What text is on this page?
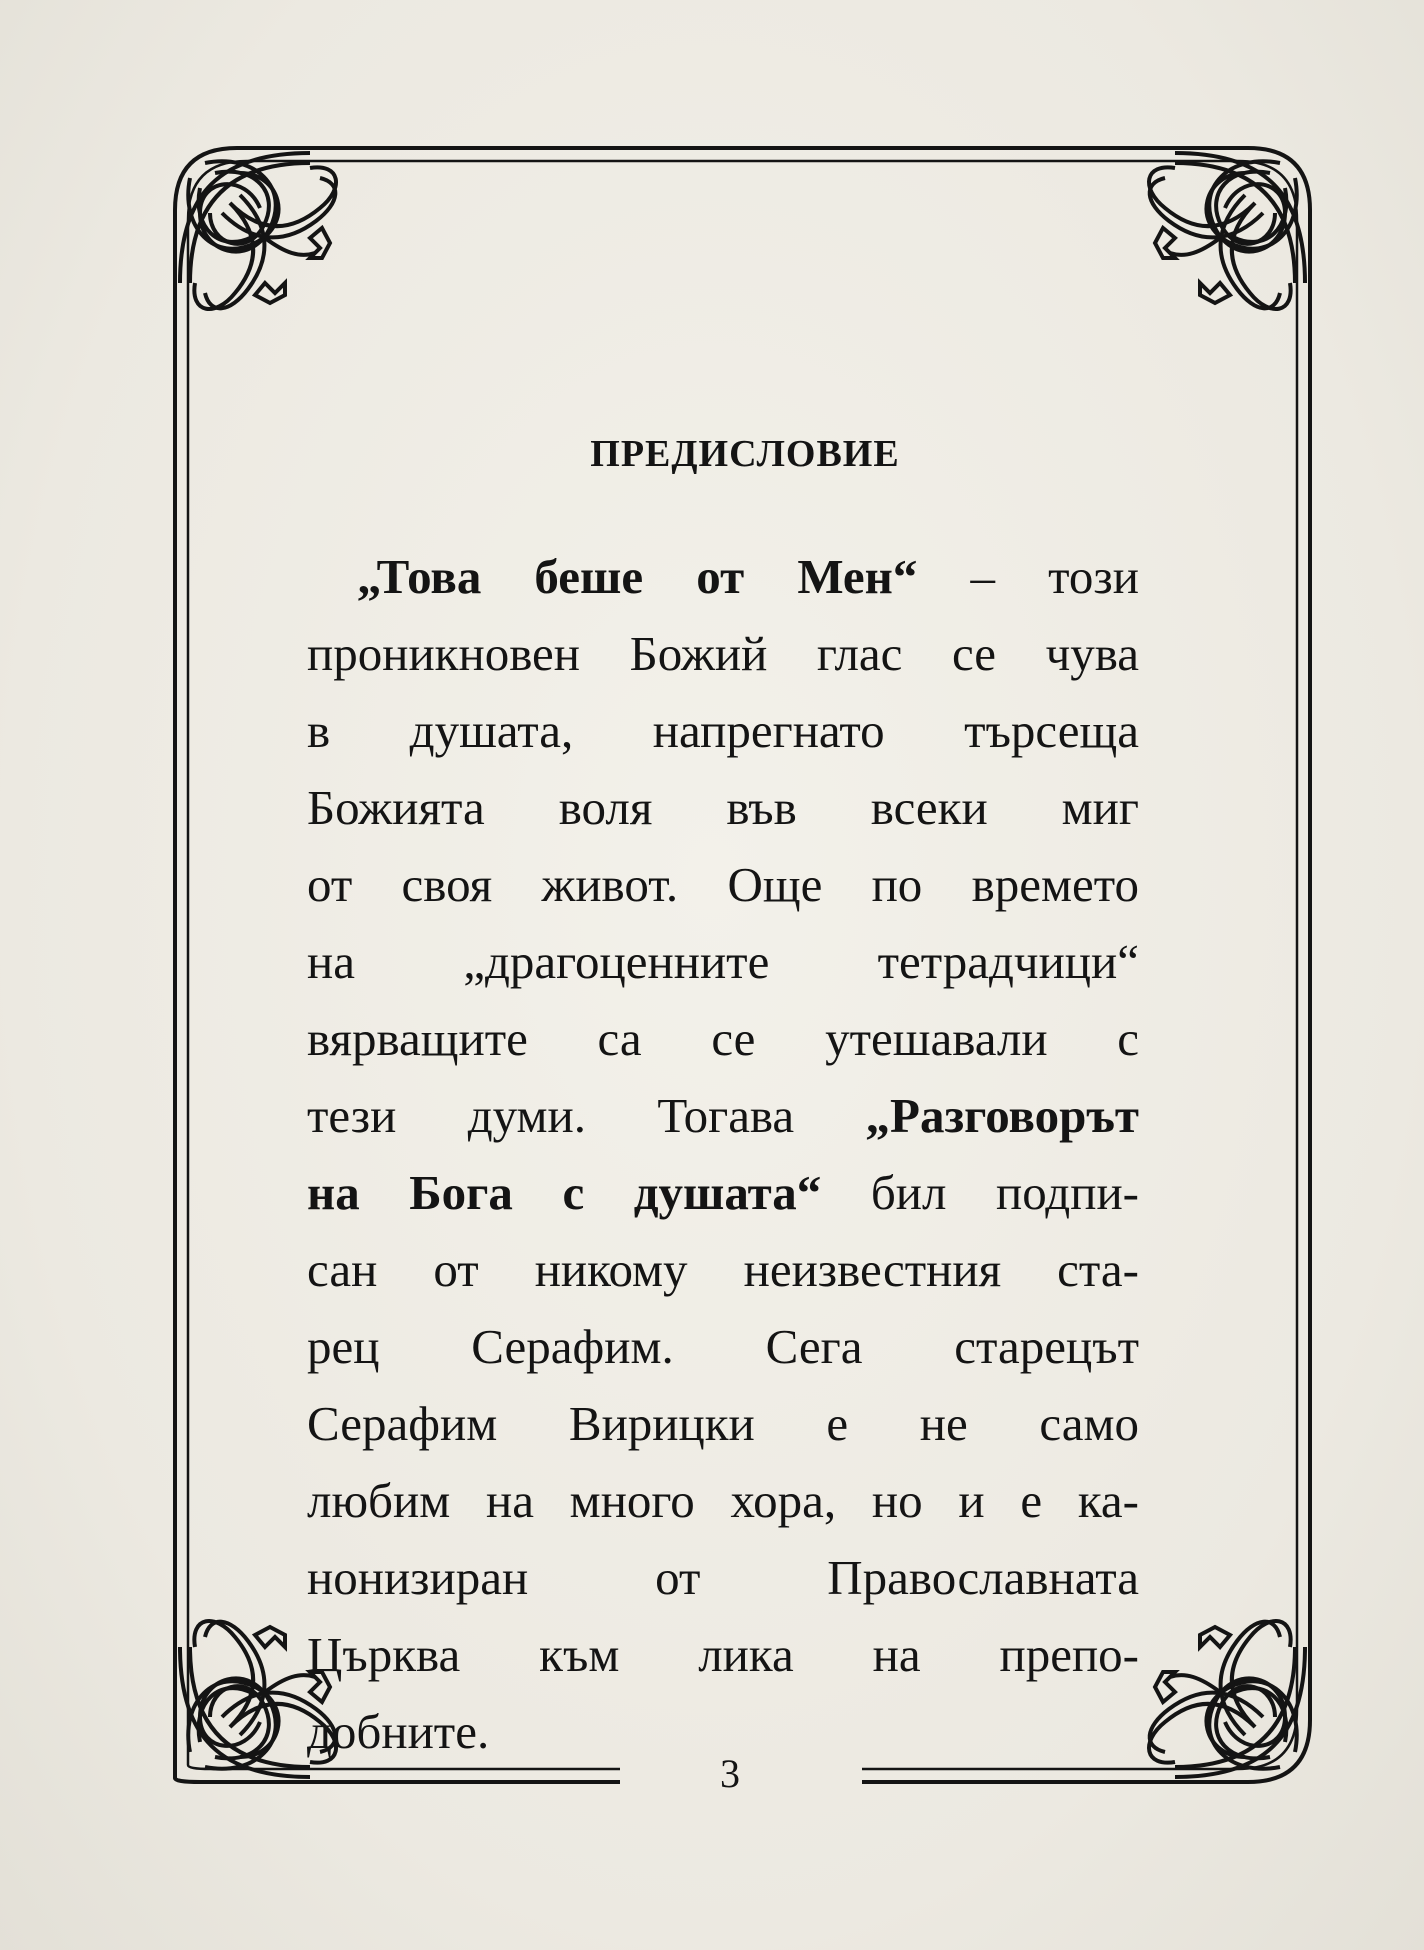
ПРЕДИСЛОВИЕ
„Това беше от Мен“ – този
проникновен Божий глас се чува
в душата, напрегнато търсеща
Божията воля във всеки миг
от своя живот. Още по времето
на „драгоценните тетрадчици“
вярващите са се утешавали с
тези думи. Тогава „Разговорът
на Бога с душата“ бил подпи-
сан от никому неизвестния ста-
рец Серафим. Сега старецът
Серафим Вирицки е не само
любим на много хора, но и е ка-
нонизиран от Православната
Църква към лика на препо-
добните.
3
